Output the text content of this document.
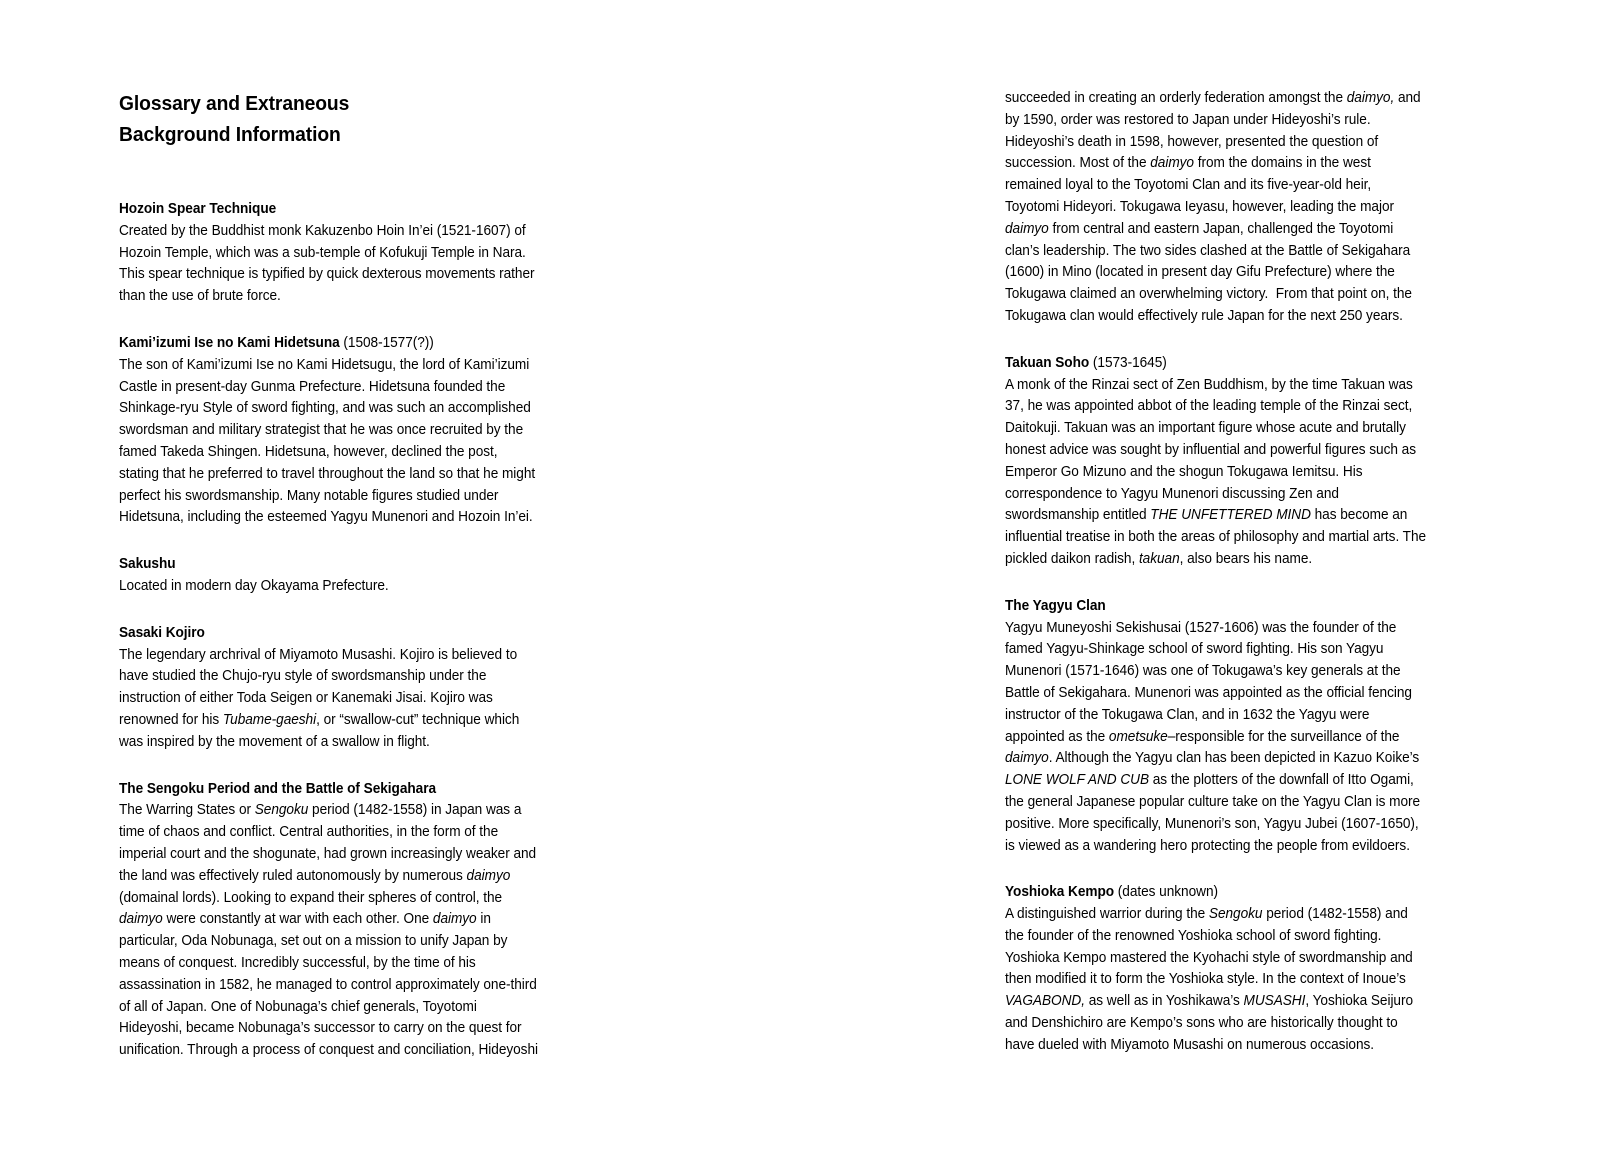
Glossary and Extraneous Background Information
Hozoin Spear Technique

Created by the Buddhist monk Kakuzenbo Hoin In’ei (1521-1607) of Hozoin Temple, which was a sub-temple of Kofukuji Temple in Nara. This spear technique is typified by quick dexterous movements rather than the use of brute force.

Kami’izumi Ise no Kami Hidetsuna (1508-1577(?))

The son of Kami’izumi Ise no Kami Hidetsugu, the lord of Kami’izumi Castle in present-day Gunma Prefecture. Hidetsuna founded the Shinkage-ryu Style of sword fighting, and was such an accomplished swordsman and military strategist that he was once recruited by the famed Takeda Shingen. Hidetsuna, however, declined the post, stating that he preferred to travel throughout the land so that he might perfect his swordsmanship. Many notable figures studied under Hidetsuna, including the esteemed Yagyu Munenori and Hozoin In’ei.

Sakushu

Located in modern day Okayama Prefecture.

Sasaki Kojiro

The legendary archrival of Miyamoto Musashi. Kojiro is believed to have studied the Chujo-ryu style of swordsmanship under the instruction of either Toda Seigen or Kanemaki Jisai. Kojiro was renowned for his Tubame-gaeshi, or “swallow-cut” technique which was inspired by the movement of a swallow in flight.

The Sengoku Period and the Battle of Sekigahara

The Warring States or Sengoku period (1482-1558) in Japan was a time of chaos and conflict. Central authorities, in the form of the imperial court and the shogunate, had grown increasingly weaker and the land was effectively ruled autonomously by numerous daimyo (domainal lords). Looking to expand their spheres of control, the daimyo were constantly at war with each other. One daimyo in particular, Oda Nobunaga, set out on a mission to unify Japan by means of conquest. Incredibly successful, by the time of his assassination in 1582, he managed to control approximately one-third of all of Japan. One of Nobunaga’s chief generals, Toyotomi Hideyoshi, became Nobunaga’s successor to carry on the quest for unification. Through a process of conquest and conciliation, Hideyoshi

succeeded in creating an orderly federation amongst the daimyo, and by 1590, order was restored to Japan under Hideyoshi’s rule. Hideyoshi’s death in 1598, however, presented the question of succession. Most of the daimyo from the domains in the west remained loyal to the Toyotomi Clan and its five-year-old heir, Toyotomi Hideyori. Tokugawa Ieyasu, however, leading the major daimyo from central and eastern Japan, challenged the Toyotomi clan’s leadership. The two sides clashed at the Battle of Sekigahara (1600) in Mino (located in present day Gifu Prefecture) where the Tokugawa claimed an overwhelming victory.  From that point on, the Tokugawa clan would effectively rule Japan for the next 250 years.

Takuan Soho (1573-1645)

A monk of the Rinzai sect of Zen Buddhism, by the time Takuan was 37, he was appointed abbot of the leading temple of the Rinzai sect, Daitokuji. Takuan was an important figure whose acute and brutally honest advice was sought by influential and powerful figures such as Emperor Go Mizuno and the shogun Tokugawa Iemitsu. His correspondence to Yagyu Munenori discussing Zen and swordsmanship entitled THE UNFETTERED MIND has become an influential treatise in both the areas of philosophy and martial arts. The pickled daikon radish, takuan, also bears his name.

The Yagyu Clan

Yagyu Muneyoshi Sekishusai (1527-1606) was the founder of the famed Yagyu-Shinkage school of sword fighting. His son Yagyu Munenori (1571-1646) was one of Tokugawa’s key generals at the Battle of Sekigahara. Munenori was appointed as the official fencing instructor of the Tokugawa Clan, and in 1632 the Yagyu were appointed as the ometsuke–responsible for the surveillance of the daimyo. Although the Yagyu clan has been depicted in Kazuo Koike’s LONE WOLF AND CUB as the plotters of the downfall of Itto Ogami, the general Japanese popular culture take on the Yagyu Clan is more positive. More specifically, Munenori’s son, Yagyu Jubei (1607-1650), is viewed as a wandering hero protecting the people from evildoers.

Yoshioka Kempo (dates unknown)

A distinguished warrior during the Sengoku period (1482-1558) and the founder of the renowned Yoshioka school of sword fighting. Yoshioka Kempo mastered the Kyohachi style of swordmanship and then modified it to form the Yoshioka style. In the context of Inoue’s VAGABOND, as well as in Yoshikawa’s MUSASHI, Yoshioka Seijuro and Denshichiro are Kempo’s sons who are historically thought to have dueled with Miyamoto Musashi on numerous occasions.
